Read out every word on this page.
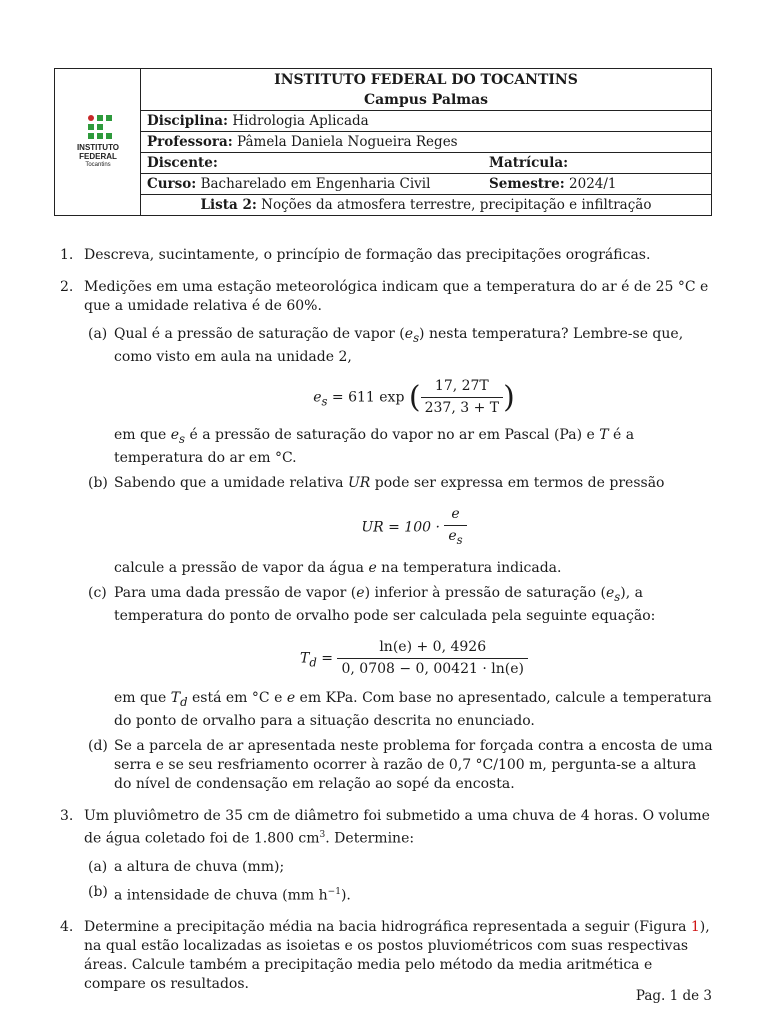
INSTITUTO
FEDERAL
Tocantins
INSTITUTO FEDERAL DO TOCANTINS
Campus Palmas
Disciplina: Hidrologia Aplicada
Professora: Pâmela Daniela Nogueira Reges
Discente:	Matrícula:
Curso: Bacharelado em Engenharia Civil	Semestre: 2024/1
Lista 2: Noções da atmosfera terrestre, precipitação e infiltração
1. Descreva, sucintamente, o princípio de formação das precipitações orográficas.
2. Medições em uma estação meteorológica indicam que a temperatura do ar é de 25 °C e que a umidade relativa é de 60%.
(a) Qual é a pressão de saturação de vapor $(e_s)$ nesta temperatura? Lembre-se que, como visto em aula na unidade 2,
$e_s = 611$ exp ( $\frac{17, 27T}{237, 3 + T}$ )
em que $e_s$ é a pressão de saturação do vapor no ar em Pascal (Pa) e T é a temperatura do ar em °C.
(b) Sabendo que a umidade relativa UR pode ser expressa em termos de pressão
UR = $100 \cdot \frac{e}{e_s}$
calcule a pressão de vapor da água e na temperatura indicada.
(c) Para uma dada pressão de vapor (e) inferior à pressão de saturação $(e_s)$, a temperatura do ponto de orvalho pode ser calculada pela seguinte equação:
$T_d = \frac{\ln(e) + 0, 4926}{0, 0708 - 0, 00421 \cdot \ln(e)}$
em que $T_d$ está em °C e e em KPa. Com base no apresentado, calcule a temperatura do ponto de orvalho para a situação descrita no enunciado.
(d) Se a parcela de ar apresentada neste problema for forçada contra a encosta de uma serra e se seu resfriamento ocorrer à razão de 0,7 °C/100 m, pergunta-se a altura do nível de condensação em relação ao sopé da encosta.
3. Um pluviômetro de 35 cm de diâmetro foi submetido a uma chuva de 4 horas. O volume de água coletado foi de 1.800 $cm^3$. Determine:
(a) a altura de chuva (mm);
(b) a intensidade de chuva (mm $h^{-1}$).
4. Determine a precipitação média na bacia hidrográfica representada a seguir (Figura 1), na qual estão localizadas as isoietas e os postos pluviométricos com suas respectivas áreas. Calcule também a precipitação media pelo método da media aritmética e compare os resultados.
Pag. 1 de 3
